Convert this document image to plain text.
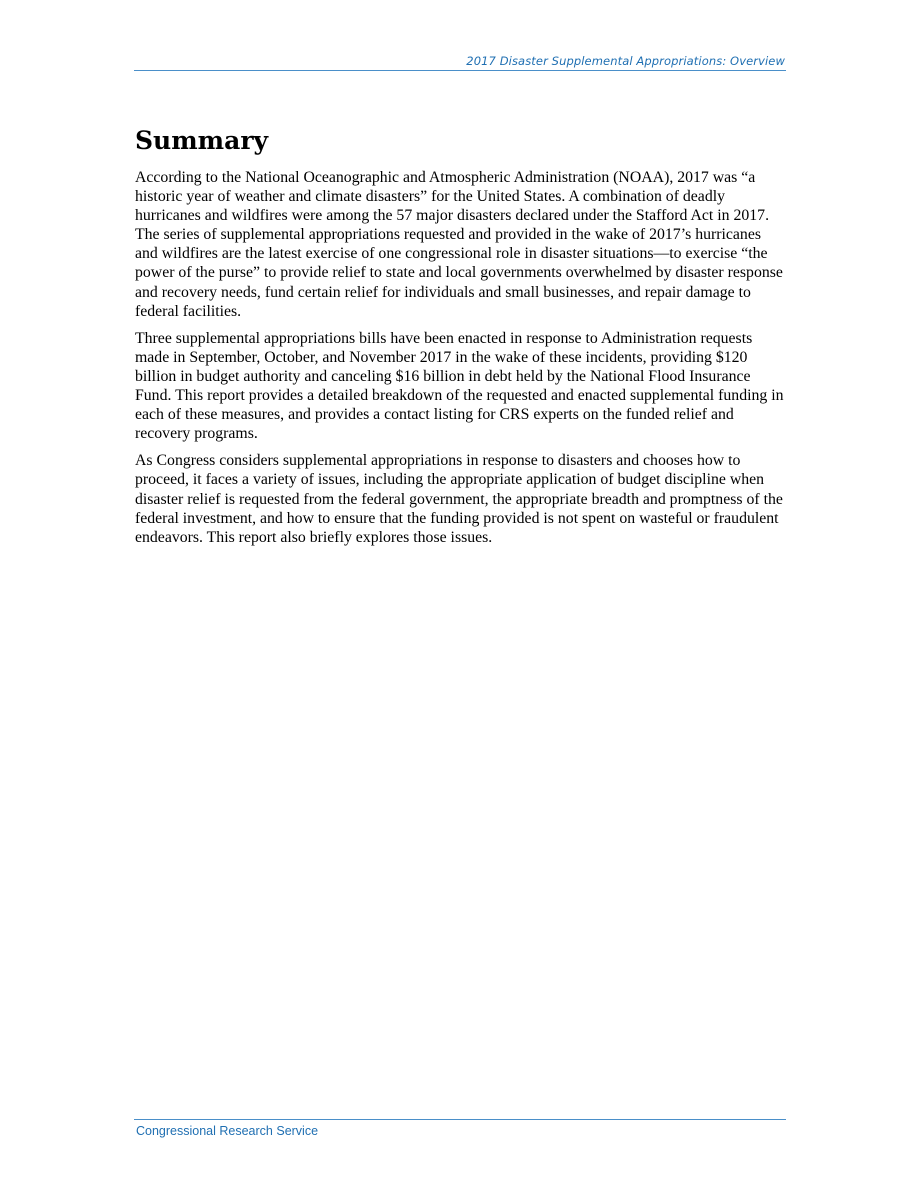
2017 Disaster Supplemental Appropriations: Overview
Summary

According to the National Oceanographic and Atmospheric Administration (NOAA), 2017 was “a historic year of weather and climate disasters” for the United States. A combination of deadly hurricanes and wildfires were among the 57 major disasters declared under the Stafford Act in 2017. The series of supplemental appropriations requested and provided in the wake of 2017’s hurricanes and wildfires are the latest exercise of one congressional role in disaster situations—to exercise “the power of the purse” to provide relief to state and local governments overwhelmed by disaster response and recovery needs, fund certain relief for individuals and small businesses, and repair damage to federal facilities.

Three supplemental appropriations bills have been enacted in response to Administration requests made in September, October, and November 2017 in the wake of these incidents, providing $120 billion in budget authority and canceling $16 billion in debt held by the National Flood Insurance Fund. This report provides a detailed breakdown of the requested and enacted supplemental funding in each of these measures, and provides a contact listing for CRS experts on the funded relief and recovery programs.

As Congress considers supplemental appropriations in response to disasters and chooses how to proceed, it faces a variety of issues, including the appropriate application of budget discipline when disaster relief is requested from the federal government, the appropriate breadth and promptness of the federal investment, and how to ensure that the funding provided is not spent on wasteful or fraudulent endeavors. This report also briefly explores those issues.

Congressional Research Service
